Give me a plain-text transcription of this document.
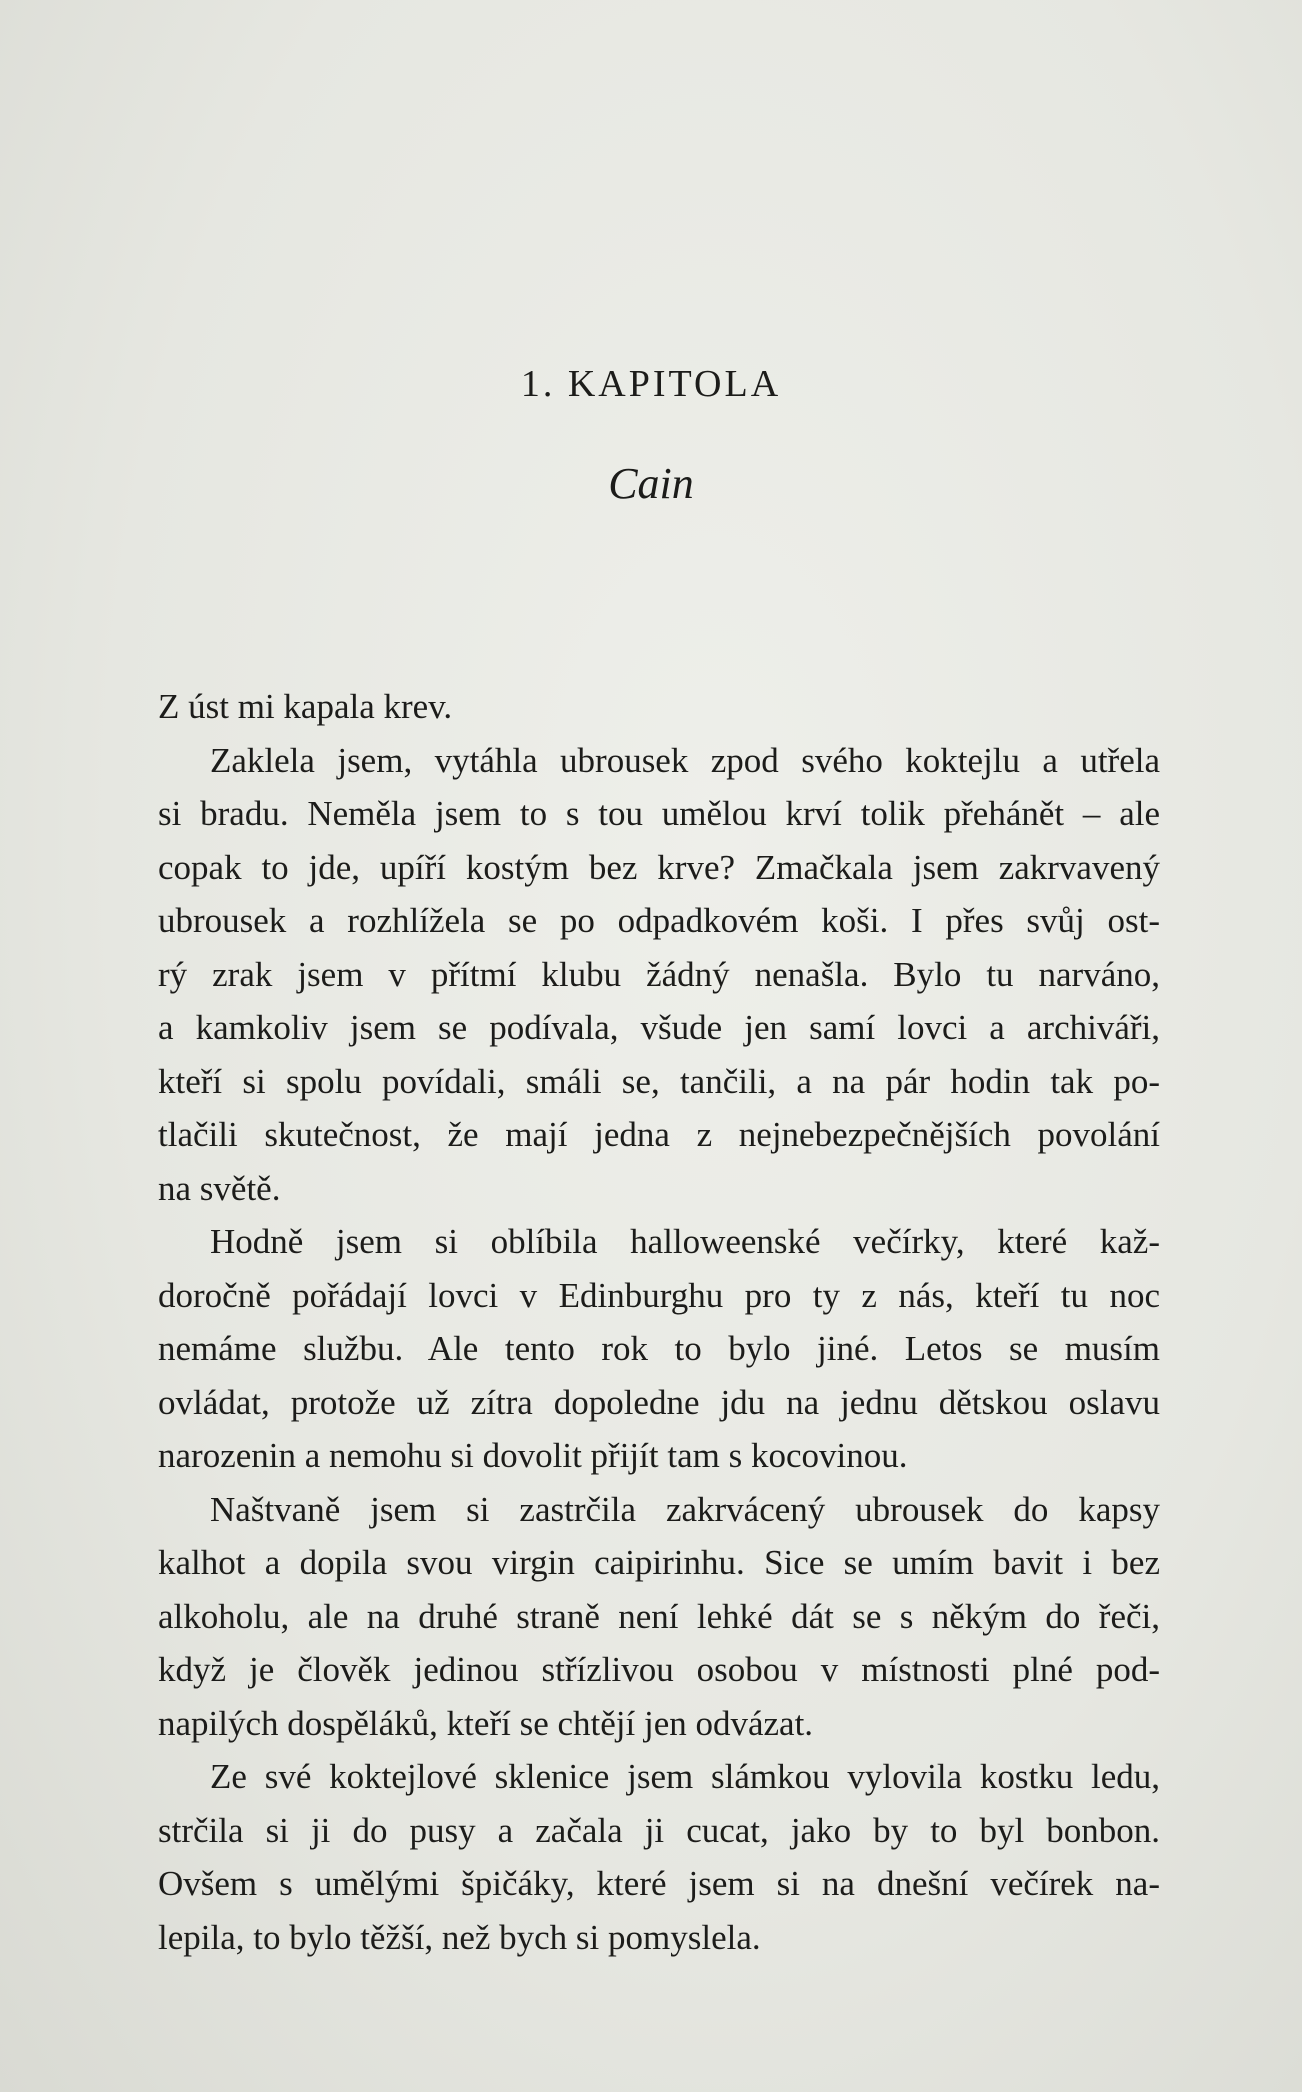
1. KAPITOLA
Cain
Z úst mi kapala krev.
Zaklela jsem, vytáhla ubrousek zpod svého koktejlu a utřela
si bradu. Neměla jsem to s tou umělou krví tolik přehánět – ale
copak to jde, upíří kostým bez krve? Zmačkala jsem zakrvavený
ubrousek a rozhlížela se po odpadkovém koši. I přes svůj ost-
rý zrak jsem v přítmí klubu žádný nenašla. Bylo tu narváno,
a kamkoliv jsem se podívala, všude jen samí lovci a archiváři,
kteří si spolu povídali, smáli se, tančili, a na pár hodin tak po-
tlačili skutečnost, že mají jedna z nejnebezpečnějších povolání
na světě.
Hodně jsem si oblíbila halloweenské večírky, které kaž-
doročně pořádají lovci v Edinburghu pro ty z nás, kteří tu noc
nemáme službu. Ale tento rok to bylo jiné. Letos se musím
ovládat, protože už zítra dopoledne jdu na jednu dětskou oslavu
narozenin a nemohu si dovolit přijít tam s kocovinou.
Naštvaně jsem si zastrčila zakrvácený ubrousek do kapsy
kalhot a dopila svou virgin caipirinhu. Sice se umím bavit i bez
alkoholu, ale na druhé straně není lehké dát se s někým do řeči,
když je člověk jedinou střízlivou osobou v místnosti plné pod-
napilých dospěláků, kteří se chtějí jen odvázat.
Ze své koktejlové sklenice jsem slámkou vylovila kostku ledu,
strčila si ji do pusy a začala ji cucat, jako by to byl bonbon.
Ovšem s umělými špičáky, které jsem si na dnešní večírek na-
lepila, to bylo těžší, než bych si pomyslela.
